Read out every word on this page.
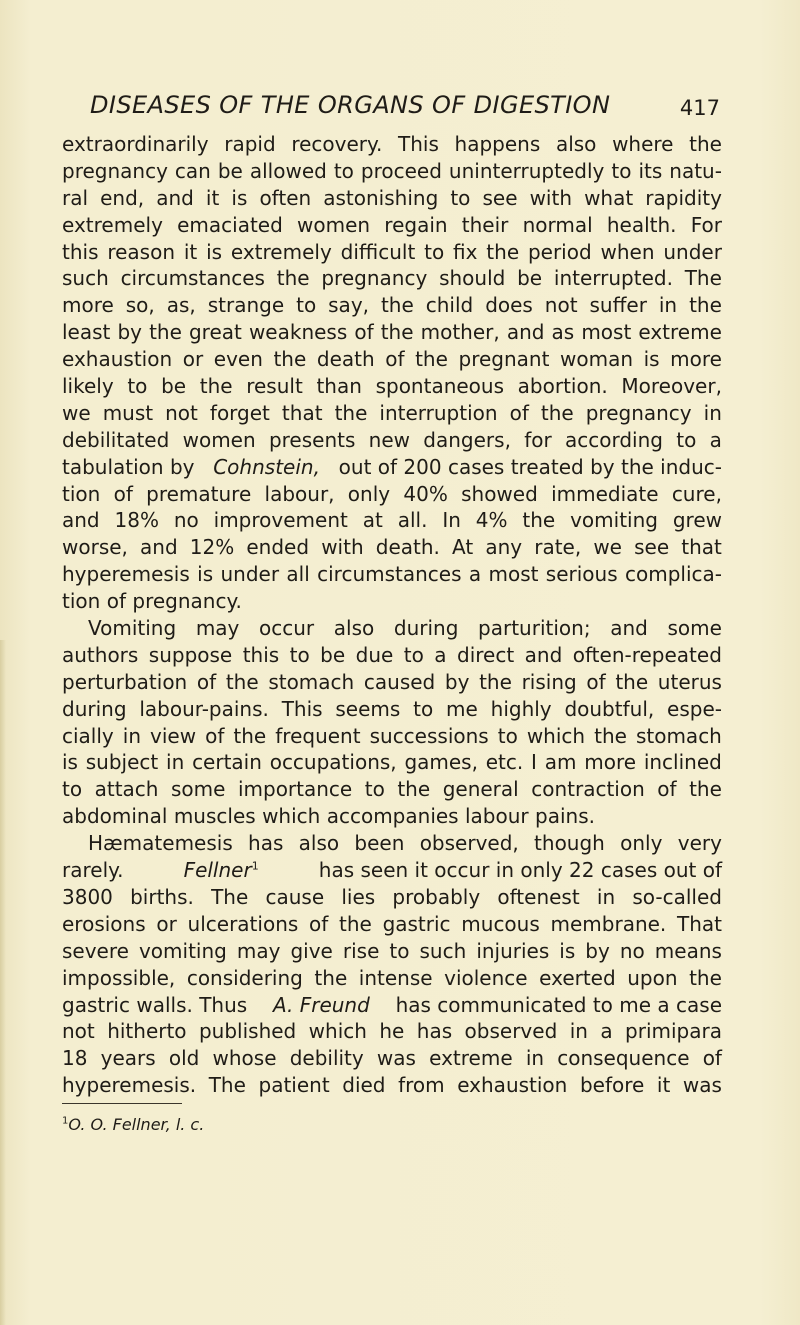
DISEASES OF THE ORGANS OF DIGESTION	417
extraordinarily rapid recovery. This happens also where the
pregnancy can be allowed to proceed uninterruptedly to its natu-
ral end, and it is often astonishing to see with what rapidity
extremely emaciated women regain their normal health. For
this reason it is extremely difficult to fix the period when under
such circumstances the pregnancy should be interrupted. The
more so, as, strange to say, the child does not suffer in the
least by the great weakness of the mother, and as most extreme
exhaustion or even the death of the pregnant woman is more
likely to be the result than spontaneous abortion. Moreover,
we must not forget that the interruption of the pregnancy in
debilitated women presents new dangers, for according to a
tabulation by Cohnstein, out of 200 cases treated by the induc-
tion of premature labour, only 40% showed immediate cure,
and 18% no improvement at all. In 4% the vomiting grew
worse, and 12% ended with death. At any rate, we see that
hyperemesis is under all circumstances a most serious complica-
tion of pregnancy.
Vomiting may occur also during parturition; and some
authors suppose this to be due to a direct and often-repeated
perturbation of the stomach caused by the rising of the uterus
during labour-pains. This seems to me highly doubtful, espe-
cially in view of the frequent successions to which the stomach
is subject in certain occupations, games, etc. I am more inclined
to attach some importance to the general contraction of the
abdominal muscles which accompanies labour pains.
Hæmatemesis has also been observed, though only very
rarely.	Fellner$^1$	has seen it occur in only 22 cases out of
3800 births. The cause lies probably oftenest in so-called
erosions or ulcerations of the gastric mucous membrane. That
severe vomiting may give rise to such injuries is by no means
impossible, considering the intense violence exerted upon the
gastric walls. Thus A. Freund has communicated to me a case
not hitherto published which he has observed in a primipara
18 years old whose debility was extreme in consequence of
hyperemesis. The patient died from exhaustion before it was
$^1$O. O. Fellner, l. c.
